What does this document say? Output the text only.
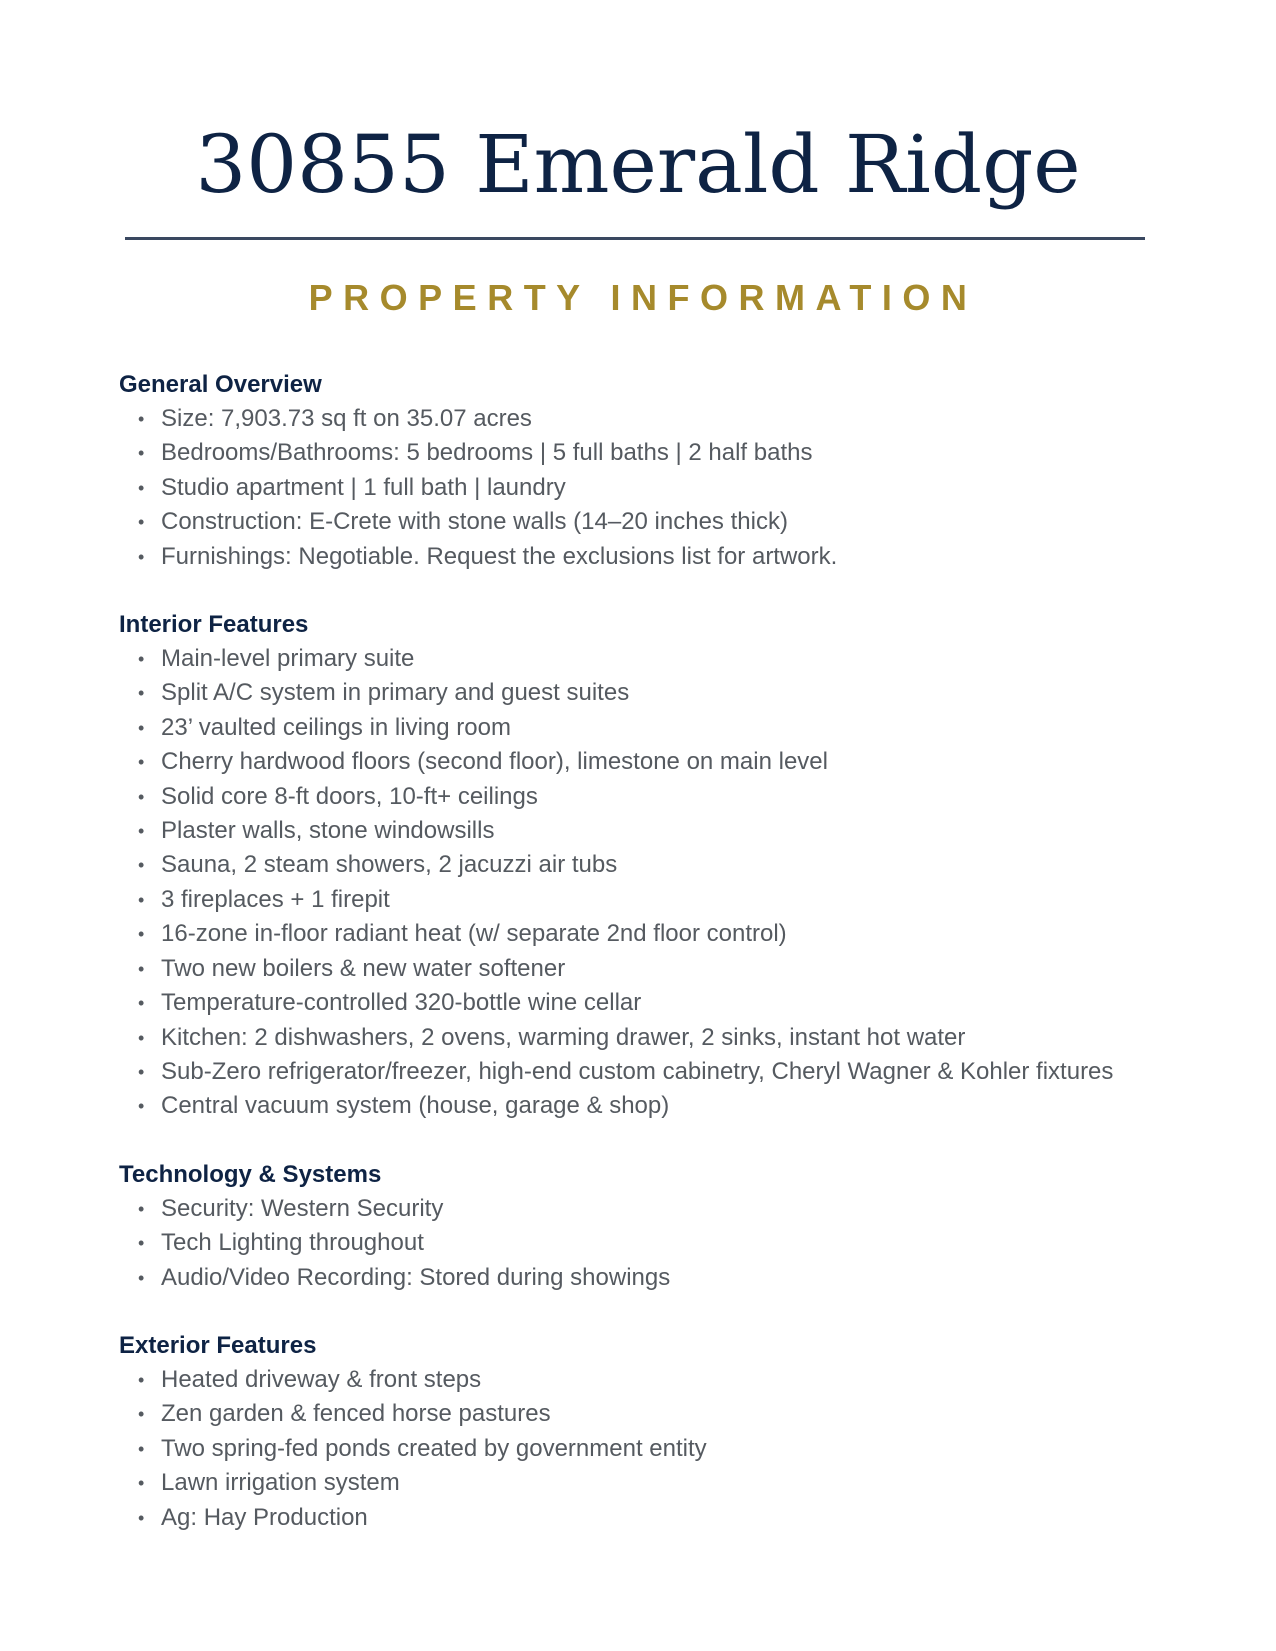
30855 Emerald Ridge
PROPERTY INFORMATION
General Overview
• Size: 7,903.73 sq ft on 35.07 acres
• Bedrooms/Bathrooms: 5 bedrooms | 5 full baths | 2 half baths
• Studio apartment | 1 full bath | laundry
• Construction: E-Crete with stone walls (14–20 inches thick)
• Furnishings: Negotiable. Request the exclusions list for artwork.
Interior Features
• Main-level primary suite
• Split A/C system in primary and guest suites
• 23’ vaulted ceilings in living room
• Cherry hardwood floors (second floor), limestone on main level
• Solid core 8-ft doors, 10-ft+ ceilings
• Plaster walls, stone windowsills
• Sauna, 2 steam showers, 2 jacuzzi air tubs
• 3 fireplaces + 1 firepit
• 16-zone in-floor radiant heat (w/ separate 2nd floor control)
• Two new boilers & new water softener
• Temperature-controlled 320-bottle wine cellar
• Kitchen: 2 dishwashers, 2 ovens, warming drawer, 2 sinks, instant hot water
• Sub-Zero refrigerator/freezer, high-end custom cabinetry, Cheryl Wagner & Kohler fixtures
• Central vacuum system (house, garage & shop)
Technology & Systems
• Security: Western Security
• Tech Lighting throughout
• Audio/Video Recording: Stored during showings
Exterior Features
• Heated driveway & front steps
• Zen garden & fenced horse pastures
• Two spring-fed ponds created by government entity
• Lawn irrigation system
• Ag: Hay Production
